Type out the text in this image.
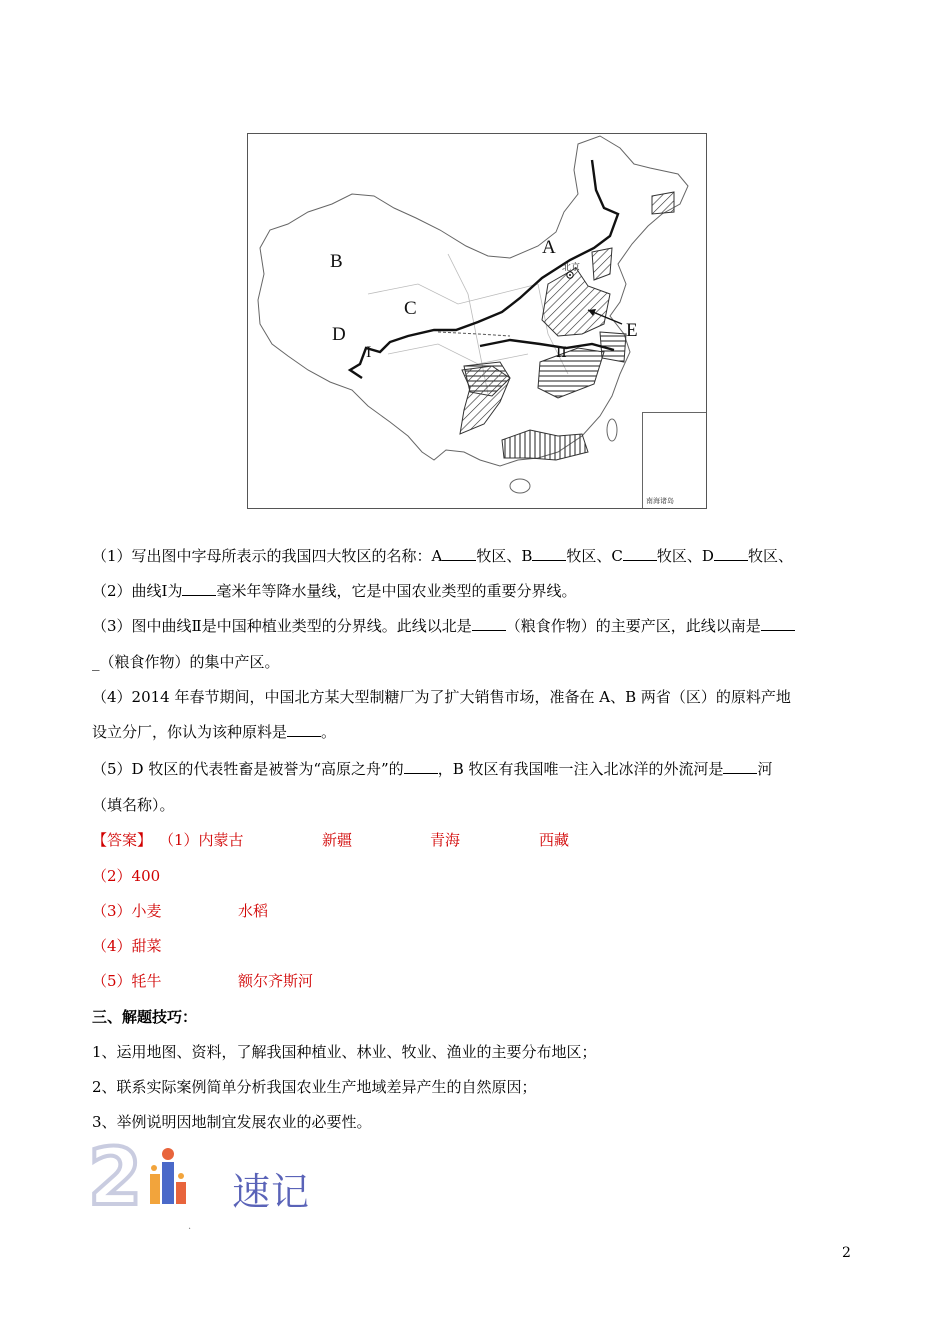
A
B
C
D	E
I	II
北京
南海诸岛
（1）写出图中字母所表示的我国四大牧区的名称：A 牧区、B 牧区、C 牧区、D 牧区、
（2）曲线Ⅰ为 毫米年等降水量线，它是中国农业类型的重要分界线。
（3）图中曲线Ⅱ是中国种植业类型的分界线。此线以北是 （粮食作物）的主要产区，此线以南是
_（粮食作物）的集中产区。
（4）2014 年春节期间，中国北方某大型制糖厂为了扩大销售市场，准备在 A、B 两省（区）的原料产地
设立分厂，你认为该种原料是 。
（5）D 牧区的代表牲畜是被誉为“高原之舟”的 ，B 牧区有我国唯一注入北冰洋的外流河是 河
（填名称）。
【答案】 （1）内蒙古	新疆	青海	西藏
（2）400
（3）小麦	水稻
（4）甜菜
（5）牦牛	额尔齐斯河
三、解题技巧：
1、运用地图、资料，了解我国种植业、林业、牧业、渔业的主要分布地区；
2、联系实际案例简单分析我国农业生产地域差异产生的自然原因；
3、举例说明因地制宜发展农业的必要性。
2 速记
·
2
